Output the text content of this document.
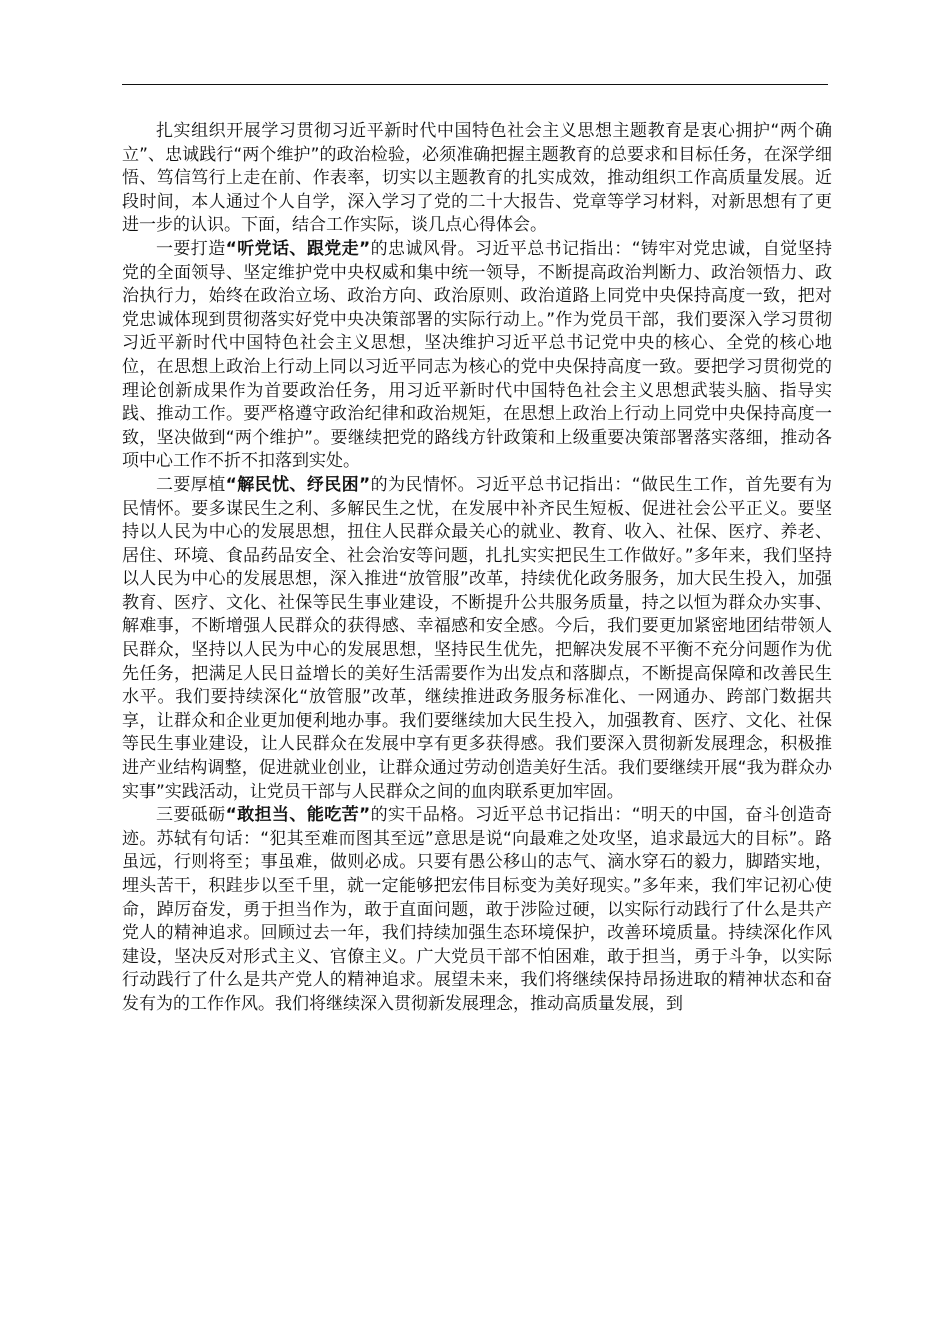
扎实组织开展学习贯彻习近平新时代中国特色社会主义思想主题教育是衷心拥护“两个确立”、忠诚践行“两个维护”的政治检验，必须准确把握主题教育的总要求和目标任务，在深学细悟、笃信笃行上走在前、作表率，切实以主题教育的扎实成效，推动组织工作高质量发展。近段时间，本人通过个人自学，深入学习了党的二十大报告、党章等学习材料，对新思想有了更进一步的认识。下面，结合工作实际，谈几点心得体会。

一要打造“听党话、跟党走”的忠诚风骨。习近平总书记指出：“铸牢对党忠诚，自觉坚持党的全面领导、坚定维护党中央权威和集中统一领导，不断提高政治判断力、政治领悟力、政治执行力，始终在政治立场、政治方向、政治原则、政治道路上同党中央保持高度一致，把对党忠诚体现到贯彻落实好党中央决策部署的实际行动上。”作为党员干部，我们要深入学习贯彻习近平新时代中国特色社会主义思想，坚决维护习近平总书记党中央的核心、全党的核心地位，在思想上政治上行动上同以习近平同志为核心的党中央保持高度一致。要把学习贯彻党的理论创新成果作为首要政治任务，用习近平新时代中国特色社会主义思想武装头脑、指导实践、推动工作。要严格遵守政治纪律和政治规矩，在思想上政治上行动上同党中央保持高度一致，坚决做到“两个维护”。要继续把党的路线方针政策和上级重要决策部署落实落细，推动各项中心工作不折不扣落到实处。

二要厚植“解民忧、纾民困”的为民情怀。习近平总书记指出：“做民生工作，首先要有为民情怀。要多谋民生之利、多解民生之忧，在发展中补齐民生短板、促进社会公平正义。要坚持以人民为中心的发展思想，扭住人民群众最关心的就业、教育、收入、社保、医疗、养老、居住、环境、食品药品安全、社会治安等问题，扎扎实实把民生工作做好。”多年来，我们坚持以人民为中心的发展思想，深入推进“放管服”改革，持续优化政务服务，加大民生投入，加强教育、医疗、文化、社保等民生事业建设，不断提升公共服务质量，持之以恒为群众办实事、解难事，不断增强人民群众的获得感、幸福感和安全感。今后，我们要更加紧密地团结带领人民群众，坚持以人民为中心的发展思想，坚持民生优先，把解决发展不平衡不充分问题作为优先任务，把满足人民日益增长的美好生活需要作为出发点和落脚点，不断提高保障和改善民生水平。我们要持续深化“放管服”改革，继续推进政务服务标准化、一网通办、跨部门数据共享，让群众和企业更加便利地办事。我们要继续加大民生投入，加强教育、医疗、文化、社保等民生事业建设，让人民群众在发展中享有更多获得感。我们要深入贯彻新发展理念，积极推进产业结构调整，促进就业创业，让群众通过劳动创造美好生活。我们要继续开展“我为群众办实事”实践活动，让党员干部与人民群众之间的血肉联系更加牢固。

三要砥砺“敢担当、能吃苦”的实干品格。习近平总书记指出：“明天的中国，奋斗创造奇迹。苏轼有句话：“犯其至难而图其至远”意思是说“向最难之处攻坚，追求最远大的目标”。路虽远，行则将至；事虽难，做则必成。只要有愚公移山的志气、滴水穿石的毅力，脚踏实地，埋头苦干，积跬步以至千里，就一定能够把宏伟目标变为美好现实。”多年来，我们牢记初心使命，踔厉奋发，勇于担当作为，敢于直面问题，敢于涉险过硬，以实际行动践行了什么是共产党人的精神追求。回顾过去一年，我们持续加强生态环境保护，改善环境质量。持续深化作风建设，坚决反对形式主义、官僚主义。广大党员干部不怕困难，敢于担当，勇于斗争，以实际行动践行了什么是共产党人的精神追求。展望未来，我们将继续保持昂扬进取的精神状态和奋发有为的工作作风。我们将继续深入贯彻新发展理念，推动高质量发展，到
